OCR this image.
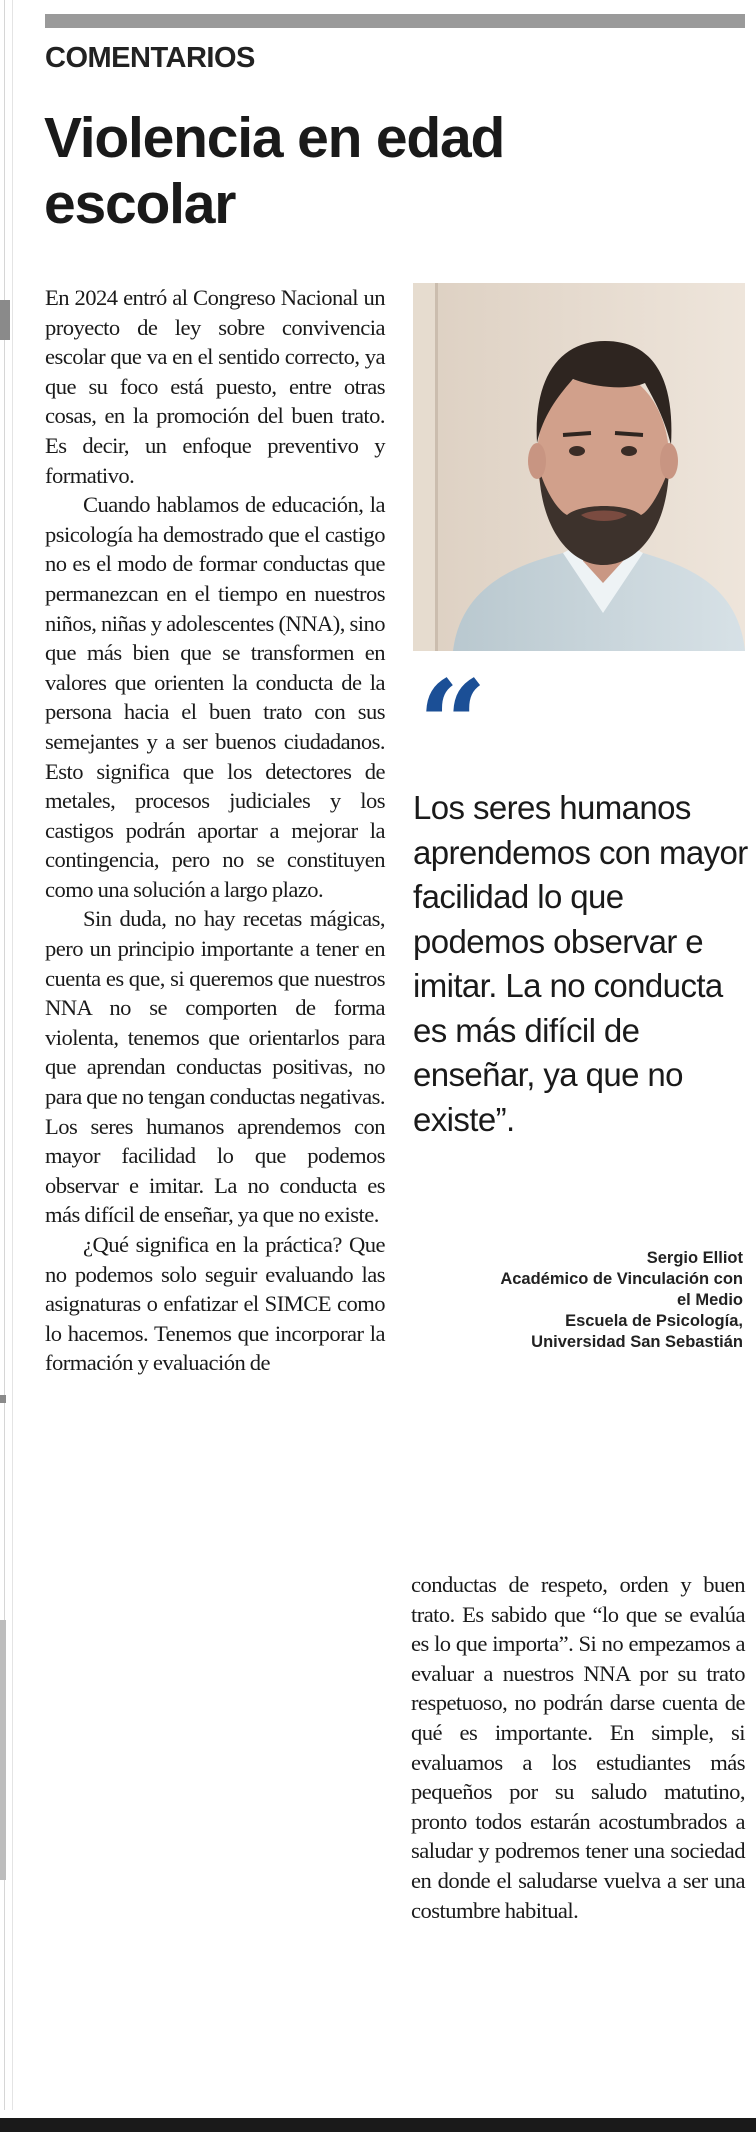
COMENTARIOS
Violencia en edad
escolar

En 2024 entró al Congreso Nacional un proyecto de ley sobre convivencia escolar que va en el sentido correcto, ya que su foco está puesto, entre otras cosas, en la promoción del buen trato. Es decir, un enfoque preventivo y formativo.

Cuando hablamos de educación, la psicología ha demostrado que el castigo no es el modo de formar conductas que permanezcan en el tiempo en nuestros niños, niñas y adolescentes (NNA), sino que más bien que se transformen en valores que orienten la conducta de la persona hacia el buen trato con sus semejantes y a ser buenos ciudadanos. Esto significa que los detectores de metales, procesos judiciales y los castigos podrán aportar a mejorar la contingencia, pero no se constituyen como una solución a largo plazo.

Sin duda, no hay recetas mágicas, pero un principio importante a tener en cuenta es que, si queremos que nuestros NNA no se comporten de forma violenta, tenemos que orientarlos para que aprendan conductas positivas, no para que no tengan conductas negativas. Los seres humanos aprendemos con mayor facilidad lo que podemos observar e imitar. La no conducta es más difícil de enseñar, ya que no existe.

¿Qué significa en la práctica? Que no podemos solo seguir evaluando las asignaturas o enfatizar el SIMCE como lo hacemos. Tenemos que incorporar la formación y evaluación de

“
Los seres humanos aprendemos con mayor facilidad lo que podemos observar e imitar. La no conducta es más difícil de enseñar, ya que no existe”.
Sergio Elliot
Académico de Vinculación con
el Medio
Escuela de Psicología,
Universidad San Sebastián

conductas de respeto, orden y buen trato. Es sabido que “lo que se evalúa es lo que importa”. Si no empezamos a evaluar a nuestros NNA por su trato respetuoso, no podrán darse cuenta de qué es importante. En simple, si evaluamos a los estudiantes más pequeños por su saludo matutino, pronto todos estarán acostumbrados a saludar y podremos tener una sociedad en donde el saludarse vuelva a ser una costumbre habitual.
